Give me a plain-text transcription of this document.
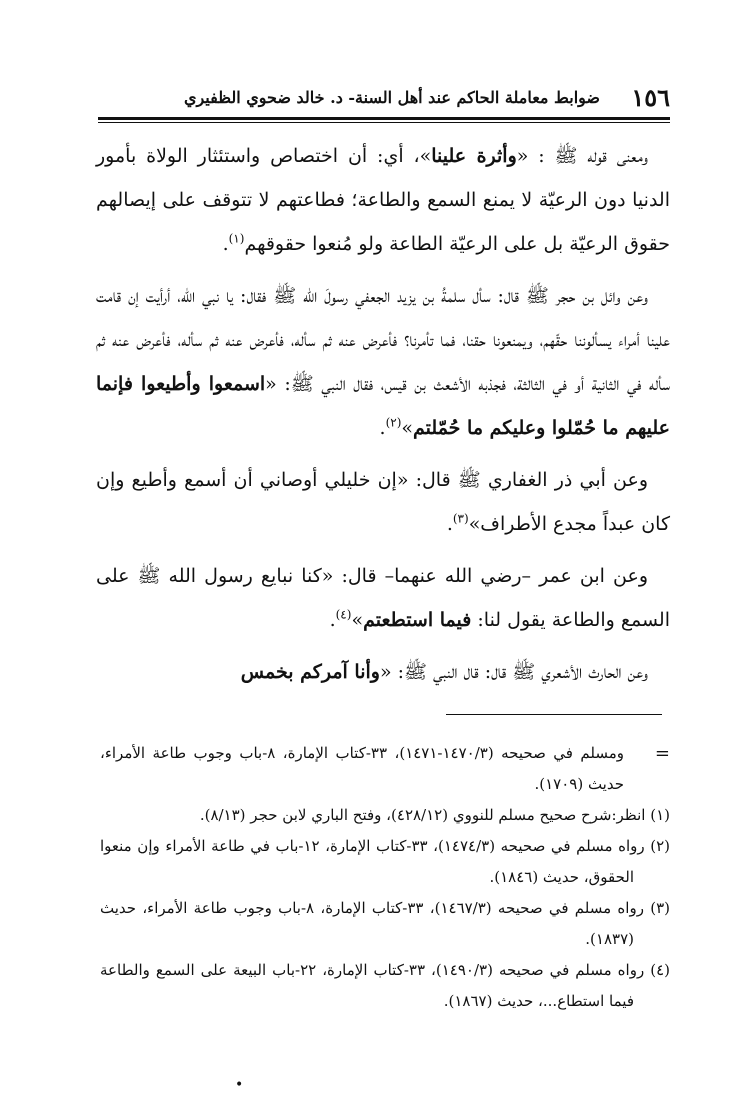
١٥٦
ضوابط معاملة الحاكم عند أهل السنة- د. خالد ضحوي الظفيري

ومعنى قوله ﷺ : «وأثرة علينا»، أي: أن اختصاص واستئثار الولاة بأمور الدنيا دون الرعيّة لا يمنع السمع والطاعة؛ فطاعتهم لا تتوقف على إيصالهم حقوق الرعيّة بل على الرعيّة الطاعة ولو مُنعوا حقوقهم$^{(١)}$.

وعن وائل بن حجر ﷺ قال: سأل سلمةُ بن يزيد الجعفي رسولَ الله ﷺ فقال: يا نبي الله، أرأيت إن قامت علينا أمراء يسألوننا حقّهم، ويمنعونا حقنا، فما تأمرنا؟ فأعرض عنه ثم سأله، فأعرض عنه ثم سأله، فأعرض عنه ثم سأله في الثانية أو في الثالثة، فجذبه الأشعث بن قيس، فقال النبي ﷺ: «اسمعوا وأطيعوا فإنما عليهم ما حُمّلوا وعليكم ما حُمّلتم»$^{(٢)}$.

وعن أبي ذر الغفاري ﷺ قال: «إن خليلي أوصاني أن أسمع وأطيع وإن كان عبداً مجدع الأطراف»$^{(٣)}$.

وعن ابن عمر –رضي الله عنهما– قال: «كنا نبايع رسول الله ﷺ على السمع والطاعة يقول لنا: فيما استطعتم»$^{(٤)}$.

وعن الحارث الأشعري ﷺ قال: قال النبي ﷺ: «وأنا آمركم بخمس

=
ومسلم في صحيحه (١٤٧٠/٣-١٤٧١)، ٣٣-كتاب الإمارة، ٨-باب وجوب طاعة الأمراء، حديث (١٧٠٩).

(١) انظر:شرح صحيح مسلم للنووي (٤٢٨/١٢)، وفتح الباري لابن حجر (٨/١٣).

(٢) رواه مسلم في صحيحه (١٤٧٤/٣)، ٣٣-كتاب الإمارة، ١٢-باب في طاعة الأمراء وإن منعوا الحقوق، حديث (١٨٤٦).

(٣) رواه مسلم في صحيحه (١٤٦٧/٣)، ٣٣-كتاب الإمارة، ٨-باب وجوب طاعة الأمراء، حديث (١٨٣٧).

(٤) رواه مسلم في صحيحه (١٤٩٠/٣)، ٣٣-كتاب الإمارة، ٢٢-باب البيعة على السمع والطاعة فيما استطاع...، حديث (١٨٦٧).

•
